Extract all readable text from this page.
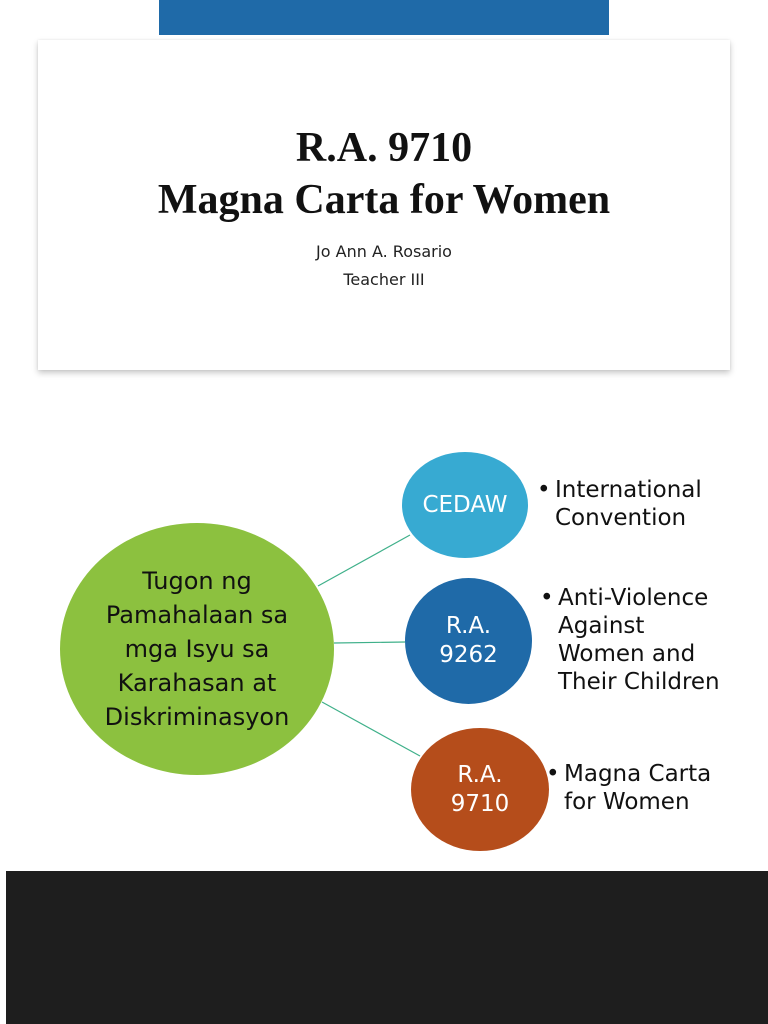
R.A. 9710
Magna Carta for Women
Jo Ann A. Rosario
Teacher III
Tugon ng
Pamahalaan sa
mga Isyu sa
Karahasan at
Diskriminasyon
CEDAW
R.A.
9262
R.A.
9710
• International
Convention
• Anti-Violence
Against
Women and
Their Children
• Magna Carta
for Women
